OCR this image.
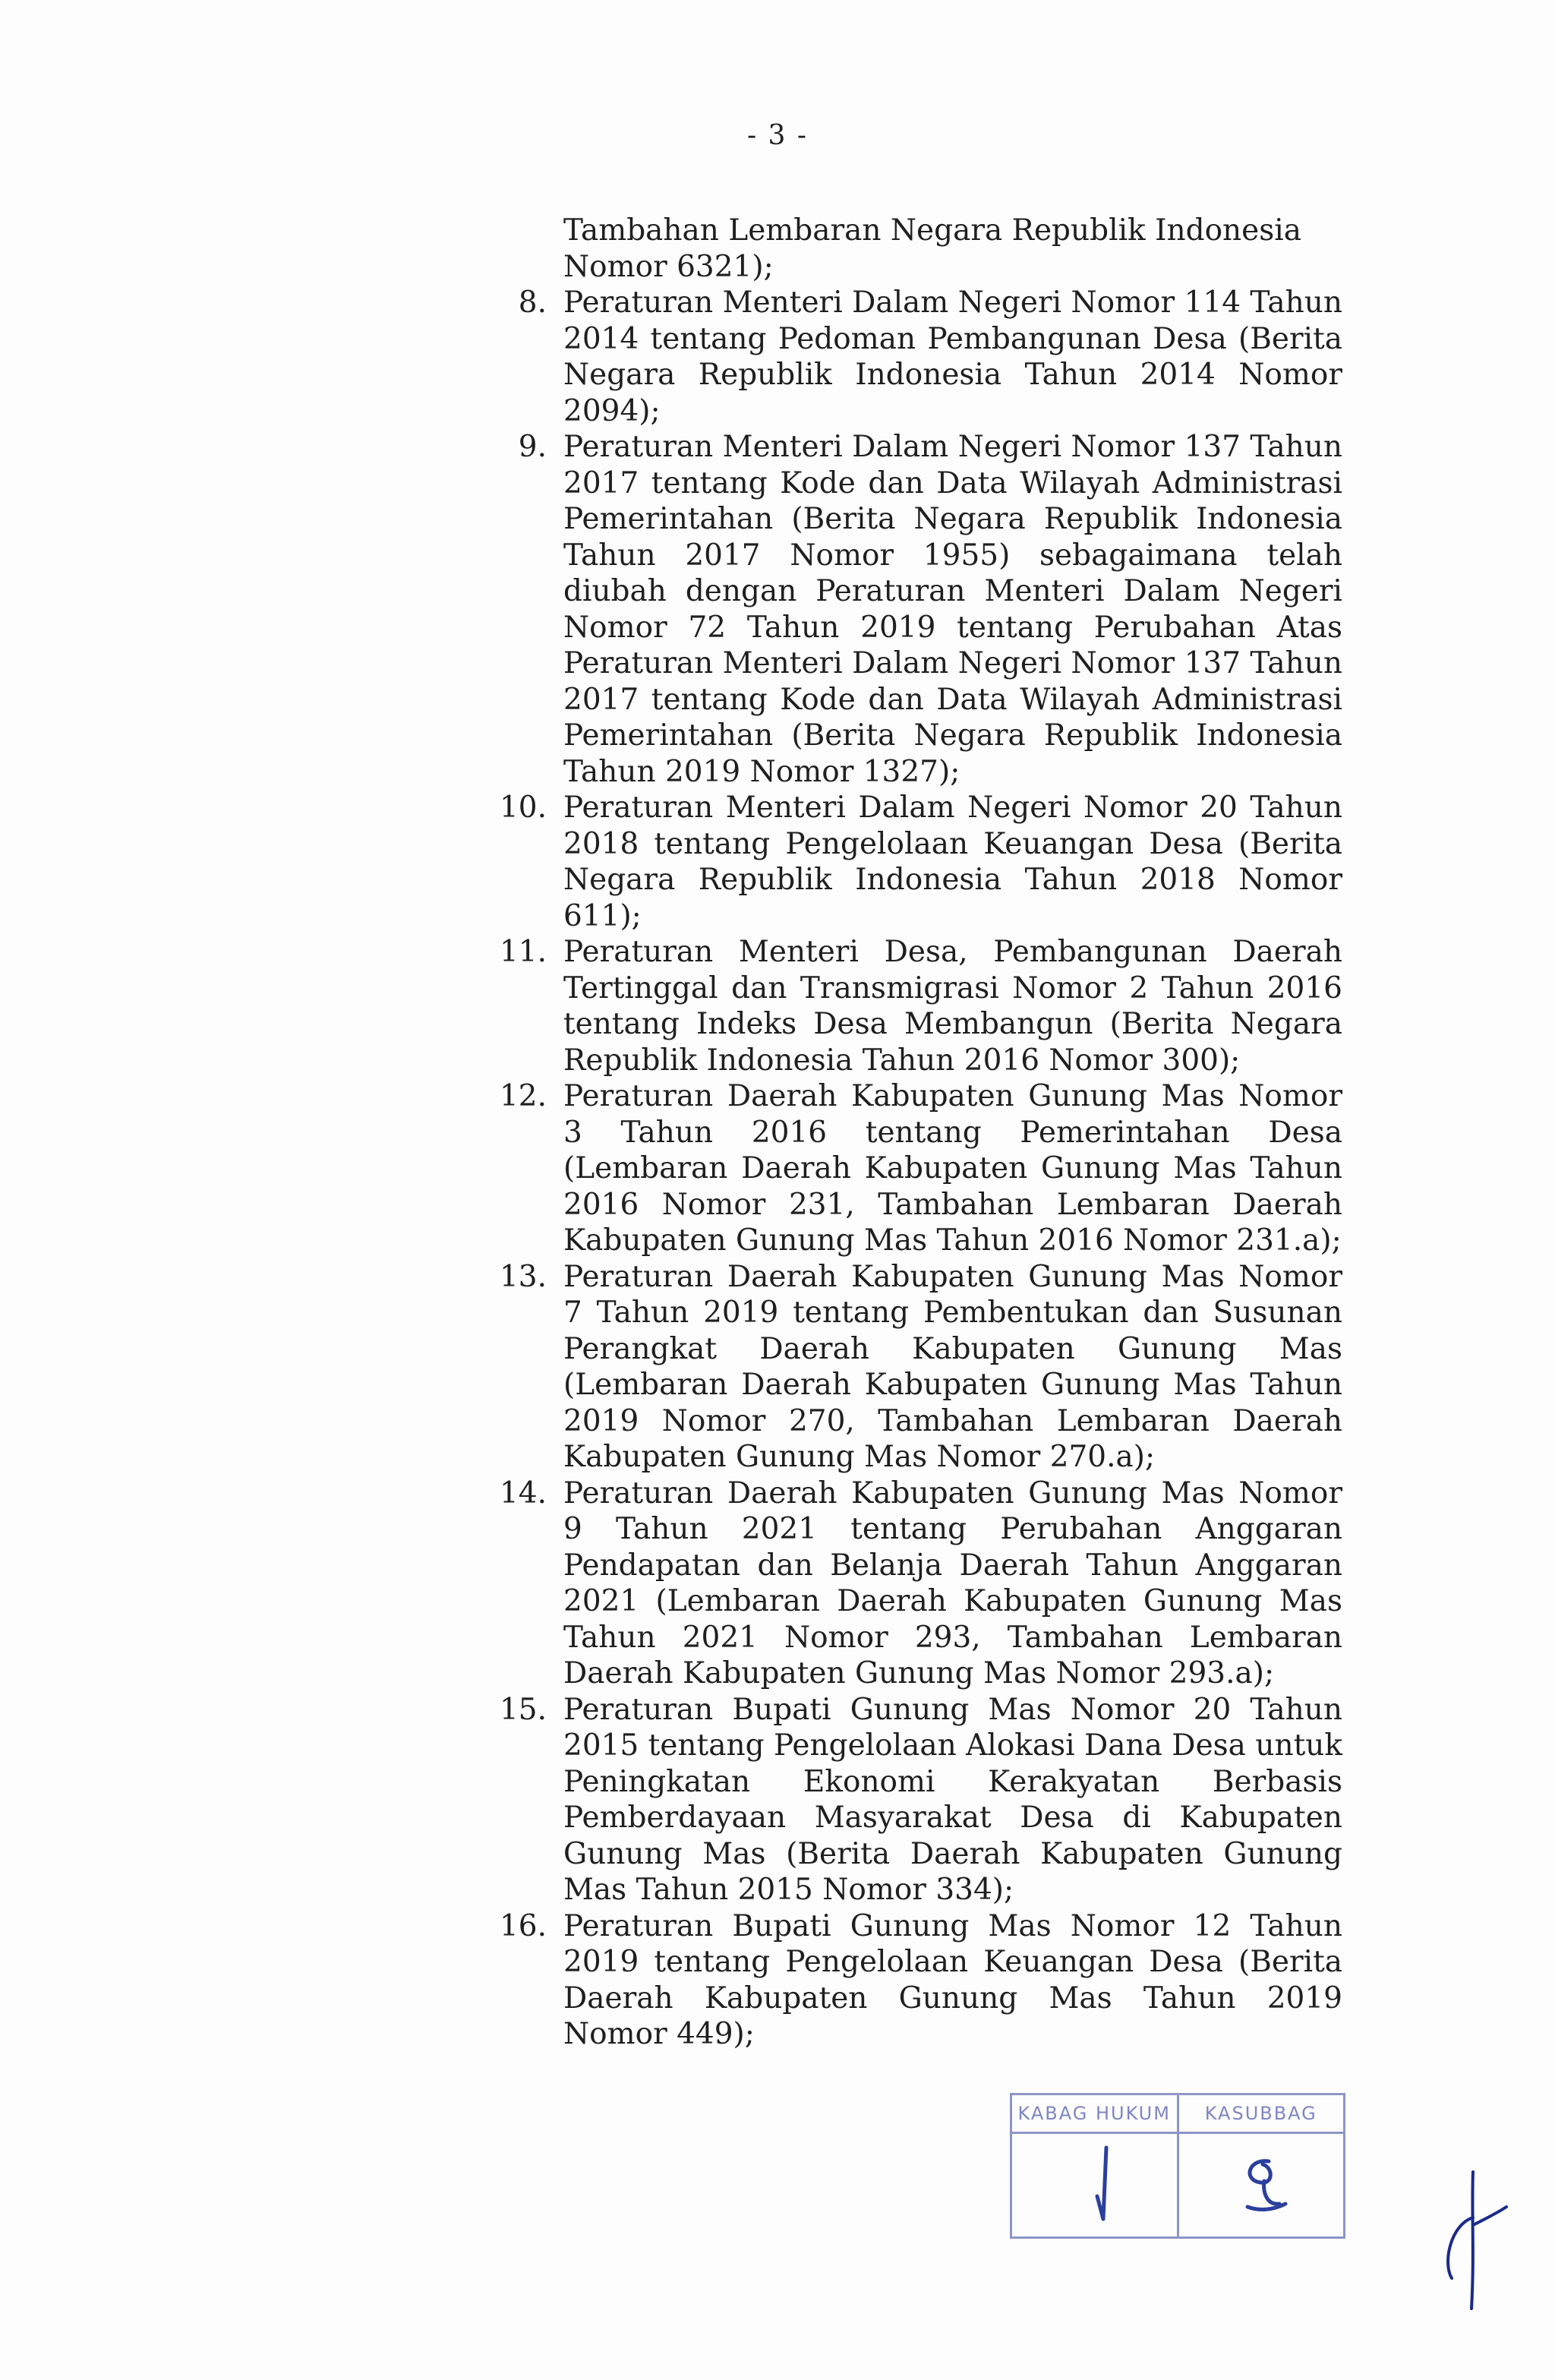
- 3 -
Tambahan Lembaran Negara Republik Indonesia
Nomor 6321);
8. Peraturan Menteri Dalam Negeri Nomor 114 Tahun 2014 tentang Pedoman Pembangunan Desa (Berita Negara Republik Indonesia Tahun 2014 Nomor 2094);
9. Peraturan Menteri Dalam Negeri Nomor 137 Tahun 2017 tentang Kode dan Data Wilayah Administrasi Pemerintahan (Berita Negara Republik Indonesia Tahun 2017 Nomor 1955) sebagaimana telah diubah dengan Peraturan Menteri Dalam Negeri Nomor 72 Tahun 2019 tentang Perubahan Atas Peraturan Menteri Dalam Negeri Nomor 137 Tahun 2017 tentang Kode dan Data Wilayah Administrasi Pemerintahan (Berita Negara Republik Indonesia Tahun 2019 Nomor 1327);
10. Peraturan Menteri Dalam Negeri Nomor 20 Tahun 2018 tentang Pengelolaan Keuangan Desa (Berita Negara Republik Indonesia Tahun 2018 Nomor 611);
11. Peraturan Menteri Desa, Pembangunan Daerah Tertinggal dan Transmigrasi Nomor 2 Tahun 2016 tentang Indeks Desa Membangun (Berita Negara Republik Indonesia Tahun 2016 Nomor 300);
12. Peraturan Daerah Kabupaten Gunung Mas Nomor 3 Tahun 2016 tentang Pemerintahan Desa (Lembaran Daerah Kabupaten Gunung Mas Tahun 2016 Nomor 231, Tambahan Lembaran Daerah Kabupaten Gunung Mas Tahun 2016 Nomor 231.a);
13. Peraturan Daerah Kabupaten Gunung Mas Nomor 7 Tahun 2019 tentang Pembentukan dan Susunan Perangkat Daerah Kabupaten Gunung Mas (Lembaran Daerah Kabupaten Gunung Mas Tahun 2019 Nomor 270, Tambahan Lembaran Daerah Kabupaten Gunung Mas Nomor 270.a);
14. Peraturan Daerah Kabupaten Gunung Mas Nomor 9 Tahun 2021 tentang Perubahan Anggaran Pendapatan dan Belanja Daerah Tahun Anggaran 2021 (Lembaran Daerah Kabupaten Gunung Mas Tahun 2021 Nomor 293, Tambahan Lembaran Daerah Kabupaten Gunung Mas Nomor 293.a);
15. Peraturan Bupati Gunung Mas Nomor 20 Tahun 2015 tentang Pengelolaan Alokasi Dana Desa untuk Peningkatan Ekonomi Kerakyatan Berbasis Pemberdayaan Masyarakat Desa di Kabupaten Gunung Mas (Berita Daerah Kabupaten Gunung Mas Tahun 2015 Nomor 334);
16. Peraturan Bupati Gunung Mas Nomor 12 Tahun 2019 tentang Pengelolaan Keuangan Desa (Berita Daerah Kabupaten Gunung Mas Tahun 2019 Nomor 449);
KABAG HUKUM	KASUBBAG
